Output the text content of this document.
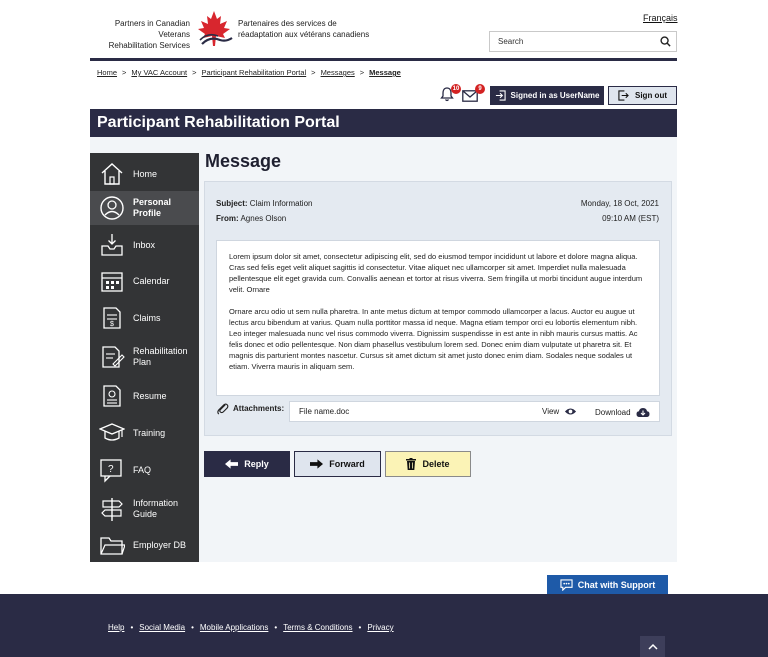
Partners in Canadian Veterans
Rehabilitation Services
Partenaires des services de
réadaptation aux vétérans canadiens
Français
Search
Home > My VAC Account > Participant Rehabilitation Portal > Messages > Message
10	9
Signed in as UserName	Sign out
Participant Rehabilitation Portal
Home
Personal Profile
Inbox
Calendar
$
Claims
Rehabilitation Plan
Resume
Training
? FAQ
Information Guide
Employer DB
Message
Subject: Claim Information
From: Agnes Olson
Monday, 18 Oct, 2021
09:10 AM (EST)

Lorem ipsum dolor sit amet, consectetur adipiscing elit, sed do eiusmod tempor incididunt ut labore et dolore magna aliqua. Cras sed felis eget velit aliquet sagittis id consectetur. Vitae aliquet nec ullamcorper sit amet. Imperdiet nulla malesuada pellentesque elit eget gravida cum. Convallis aenean et tortor at risus viverra. Sem fringilla ut morbi tincidunt augue interdum velit. Ornare

Ornare arcu odio ut sem nulla pharetra. In ante metus dictum at tempor commodo ullamcorper a lacus. Auctor eu augue ut lectus arcu bibendum at varius. Quam nulla porttitor massa id neque. Magna etiam tempor orci eu lobortis elementum nibh. Leo integer malesuada nunc vel risus commodo viverra. Dignissim suspendisse in est ante in nibh mauris cursus mattis. Ac felis donec et odio pellentesque. Non diam phasellus vestibulum lorem sed. Donec enim diam vulputate ut pharetra sit. Et magnis dis parturient montes nascetur. Cursus sit amet dictum sit amet justo donec enim diam. Sodales neque sodales ut etiam. Viverra mauris in aliquam sem.

Attachments: File name.doc	View	Download
Reply	Forward	Delete
Chat with Support
Help • Social Media • Mobile Applications • Terms & Conditions • Privacy
